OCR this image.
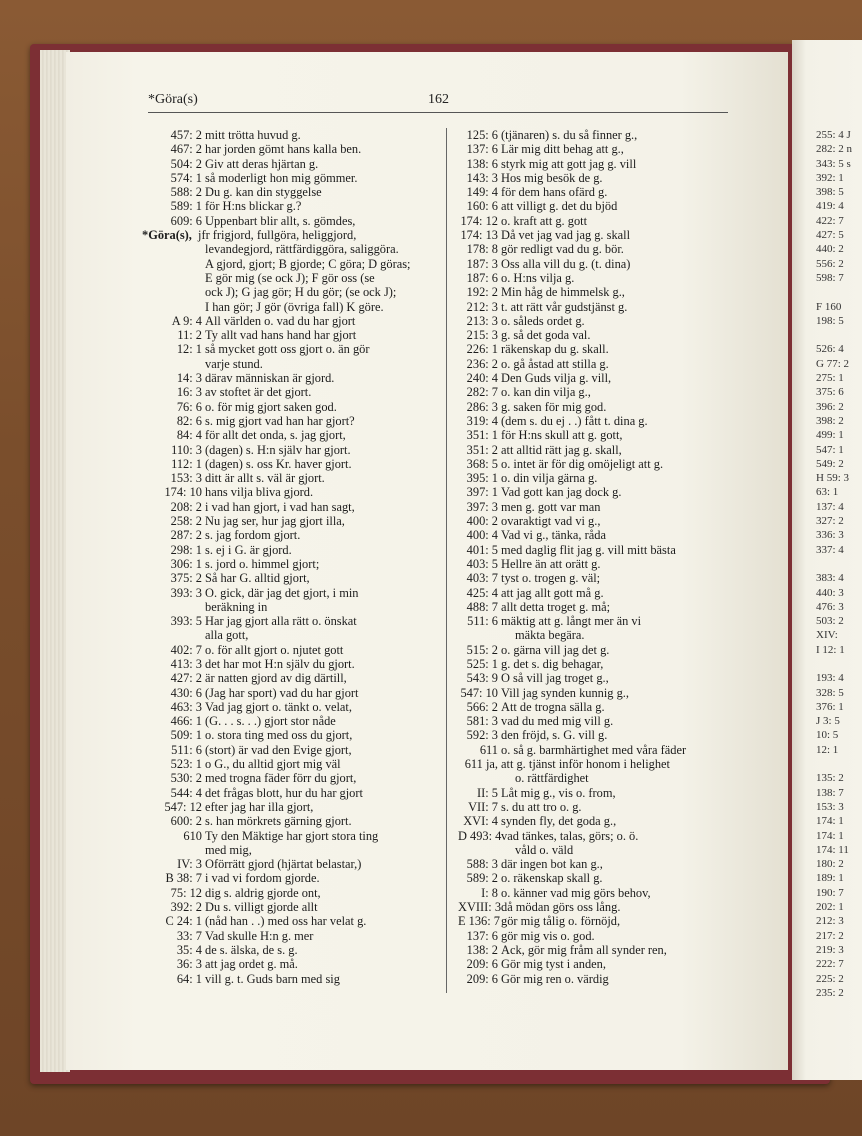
255: 4 J
282: 2 n
343: 5 s
392: 1
398: 5
419: 4
422: 7
427: 5
440: 2
556: 2
598: 7
F 160
198: 5
526: 4
G 77: 2
275: 1
375: 6
396: 2
398: 2
499: 1
547: 1
549: 2
H 59: 3
63: 1
137: 4
327: 2
336: 3
337: 4
383: 4
440: 3
476: 3
503: 2
XIV:
I 12: 1
193: 4
328: 5
376: 1
J 3: 5
10: 5
12: 1
135: 2
138: 7
153: 3
174: 1
174: 1
174: 11
180: 2
189: 1
190: 7
202: 1
212: 3
217: 2
219: 3
222: 7
225: 2
235: 2
*Göra(s)	162
457: 2 mitt trötta huvud g.
467: 2 har jorden gömt hans kalla ben.
504: 2 Giv att deras hjärtan g.
574: 1 så moderligt hon mig gömmer.
588: 2 Du g. kan din styggelse
589: 1 för H:ns blickar g.?
609: 6 Uppenbart blir allt, s. gömdes,
*Göra(s), jfr frigjord, fullgöra, heliggjord,
levandegjord, rättfärdiggöra, saliggöra.
A gjord, gjort; B gjorde; C göra; D göras;
E gör mig (se ock J); F gör oss (se
ock J); G jag gör; H du gör; (se ock J);
I han gör; J gör (övriga fall) K göre.
A 9: 4 All världen o. vad du har gjort
11: 2 Ty allt vad hans hand har gjort
12: 1 så mycket gott oss gjort o. än gör
varje stund.
14: 3 därav människan är gjord.
16: 3 av stoftet är det gjort.
76: 6 o. för mig gjort saken god.
82: 6 s. mig gjort vad han har gjort?
84: 4 för allt det onda, s. jag gjort,
110: 3 (dagen) s. H:n själv har gjort.
112: 1 (dagen) s. oss Kr. haver gjort.
153: 3 ditt är allt s. väl är gjort.
174: 10 hans vilja bliva gjord.
208: 2 i vad han gjort, i vad han sagt,
258: 2 Nu jag ser, hur jag gjort illa,
287: 2 s. jag fordom gjort.
298: 1 s. ej i G. är gjord.
306: 1 s. jord o. himmel gjort;
375: 2 Så har G. alltid gjort,
393: 3 O. gick, där jag det gjort, i min
beräkning in
393: 5 Har jag gjort alla rätt o. önskat
alla gott,
402: 7 o. för allt gjort o. njutet gott
413: 3 det har mot H:n själv du gjort.
427: 2 är natten gjord av dig därtill,
430: 6 (Jag har sport) vad du har gjort
463: 3 Vad jag gjort o. tänkt o. velat,
466: 1 (G. . . s. . .) gjort stor nåde
509: 1 o. stora ting med oss du gjort,
511: 6 (stort) är vad den Evige gjort,
523: 1 o G., du alltid gjort mig väl
530: 2 med trogna fäder förr du gjort,
544: 4 det frågas blott, hur du har gjort
547: 12 efter jag har illa gjort,
600: 2 s. han mörkrets gärning gjort.
610 Ty den Mäktige har gjort stora ting
med mig,
IV: 3 Oförrätt gjord (hjärtat belastar,)
B 38: 7 i vad vi fordom gjorde.
75: 12 dig s. aldrig gjorde ont,
392: 2 Du s. villigt gjorde allt
C 24: 1 (nåd han . .) med oss har velat g.
33: 7 Vad skulle H:n g. mer
35: 4 de s. älska, de s. g.
36: 3 att jag ordet g. må.
64: 1 vill g. t. Guds barn med sig
125: 6 (tjänaren) s. du så finner g.,
137: 6 Lär mig ditt behag att g.,
138: 6 styrk mig att gott jag g. vill
143: 3 Hos mig besök de g.
149: 4 för dem hans ofärd g.
160: 6 att villigt g. det du bjöd
174: 12 o. kraft att g. gott
174: 13 Då vet jag vad jag g. skall
178: 8 gör redligt vad du g. bör.
187: 3 Oss alla vill du g. (t. dina)
187: 6 o. H:ns vilja g.
192: 2 Min håg de himmelsk g.,
212: 3 t. att rätt vår gudstjänst g.
213: 3 o. såleds ordet g.
215: 3 g. så det goda val.
226: 1 räkenskap du g. skall.
236: 2 o. gå åstad att stilla g.
240: 4 Den Guds vilja g. vill,
282: 7 o. kan din vilja g.,
286: 3 g. saken för mig god.
319: 4 (dem s. du ej . .) fått t. dina g.
351: 1 för H:ns skull att g. gott,
351: 2 att alltid rätt jag g. skall,
368: 5 o. intet är för dig omöjeligt att g.
395: 1 o. din vilja gärna g.
397: 1 Vad gott kan jag dock g.
397: 3 men g. gott var man
400: 2 ovaraktigt vad vi g.,
400: 4 Vad vi g., tänka, råda
401: 5 med daglig flit jag g. vill mitt bästa
403: 5 Hellre än att orätt g.
403: 7 tyst o. trogen g. väl;
425: 4 att jag allt gott må g.
488: 7 allt detta troget g. må;
511: 6 mäktig att g. långt mer än vi
mäkta begära.
515: 2 o. gärna vill jag det g.
525: 1 g. det s. dig behagar,
543: 9 O så vill jag troget g.,
547: 10 Vill jag synden kunnig g.,
566: 2 Att de trogna sälla g.
581: 3 vad du med mig vill g.
592: 3 den fröjd, s. G. vill g.
611 o. så g. barmhärtighet med våra fäder
611 ja, att g. tjänst inför honom i helighet
o. rättfärdighet
II: 5 Låt mig g., vis o. from,
VII: 7 s. du att tro o. g.
XVI: 4 synden fly, det goda g.,
D 493: 4vad tänkes, talas, görs; o. ö.
våld o. väld
588: 3 där ingen bot kan g.,
589: 2 o. räkenskap skall g.
I: 8 o. känner vad mig görs behov,
XVIII: 3då mödan görs oss lång.
E 136: 7gör mig tålig o. förnöjd,
137: 6 gör mig vis o. god.
138: 2 Ack, gör mig fråm all synder ren,
209: 6 Gör mig tyst i anden,
209: 6 Gör mig ren o. värdig
